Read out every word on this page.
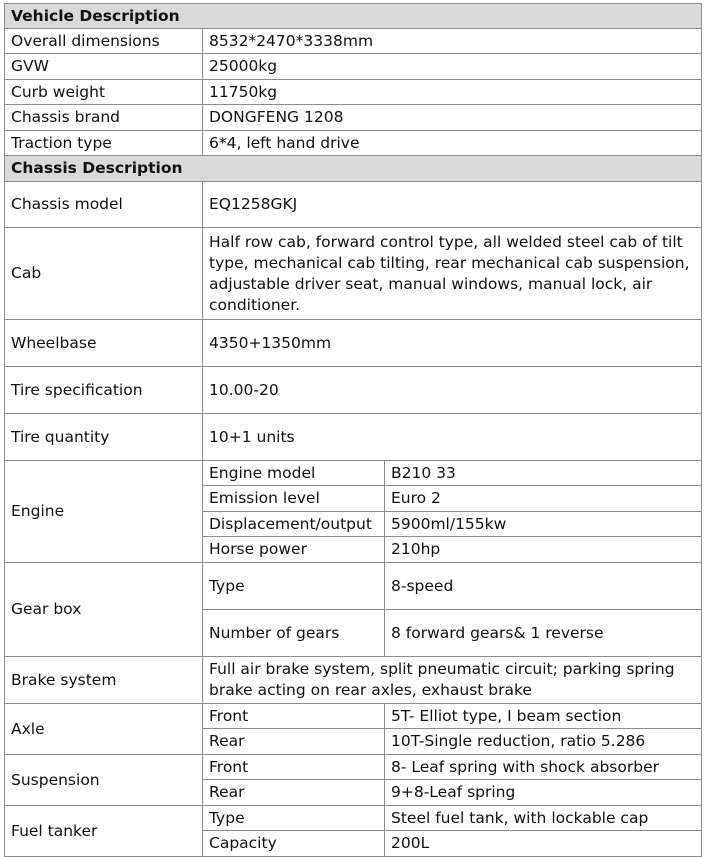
Vehicle Description		
Overall dimensions	8532*2470*3338mm	
GVW	25000kg	
Curb weight	11750kg	
Chassis brand	DONGFENG 1208	
Traction type	6*4, left hand drive	
Chassis Description		
Chassis model	EQ1258GKJ	
Cab	Half row cab, forward control type, all welded steel cab of tilt type, mechanical cab tilting, rear mechanical cab suspension, adjustable driver seat, manual windows, manual lock, air conditioner.	
Wheelbase	4350+1350mm	
Tire specification	10.00-20	
Tire quantity	10+1 units	
Engine	Engine model	B210 33
	Emission level	Euro 2
	Displacement/output	5900ml/155kw
	Horse power	210hp
Gear box	Type	8-speed
	Number of gears	8 forward gears& 1 reverse
Brake system	Full air brake system, split pneumatic circuit; parking spring brake acting on rear axles, exhaust brake	
Axle	Front	5T- Elliot type, I beam section
	Rear	10T-Single reduction, ratio 5.286
Suspension	Front	8- Leaf spring with shock absorber
	Rear	9+8-Leaf spring
Fuel tanker	Type	Steel fuel tank, with lockable cap
	Capacity	200L
